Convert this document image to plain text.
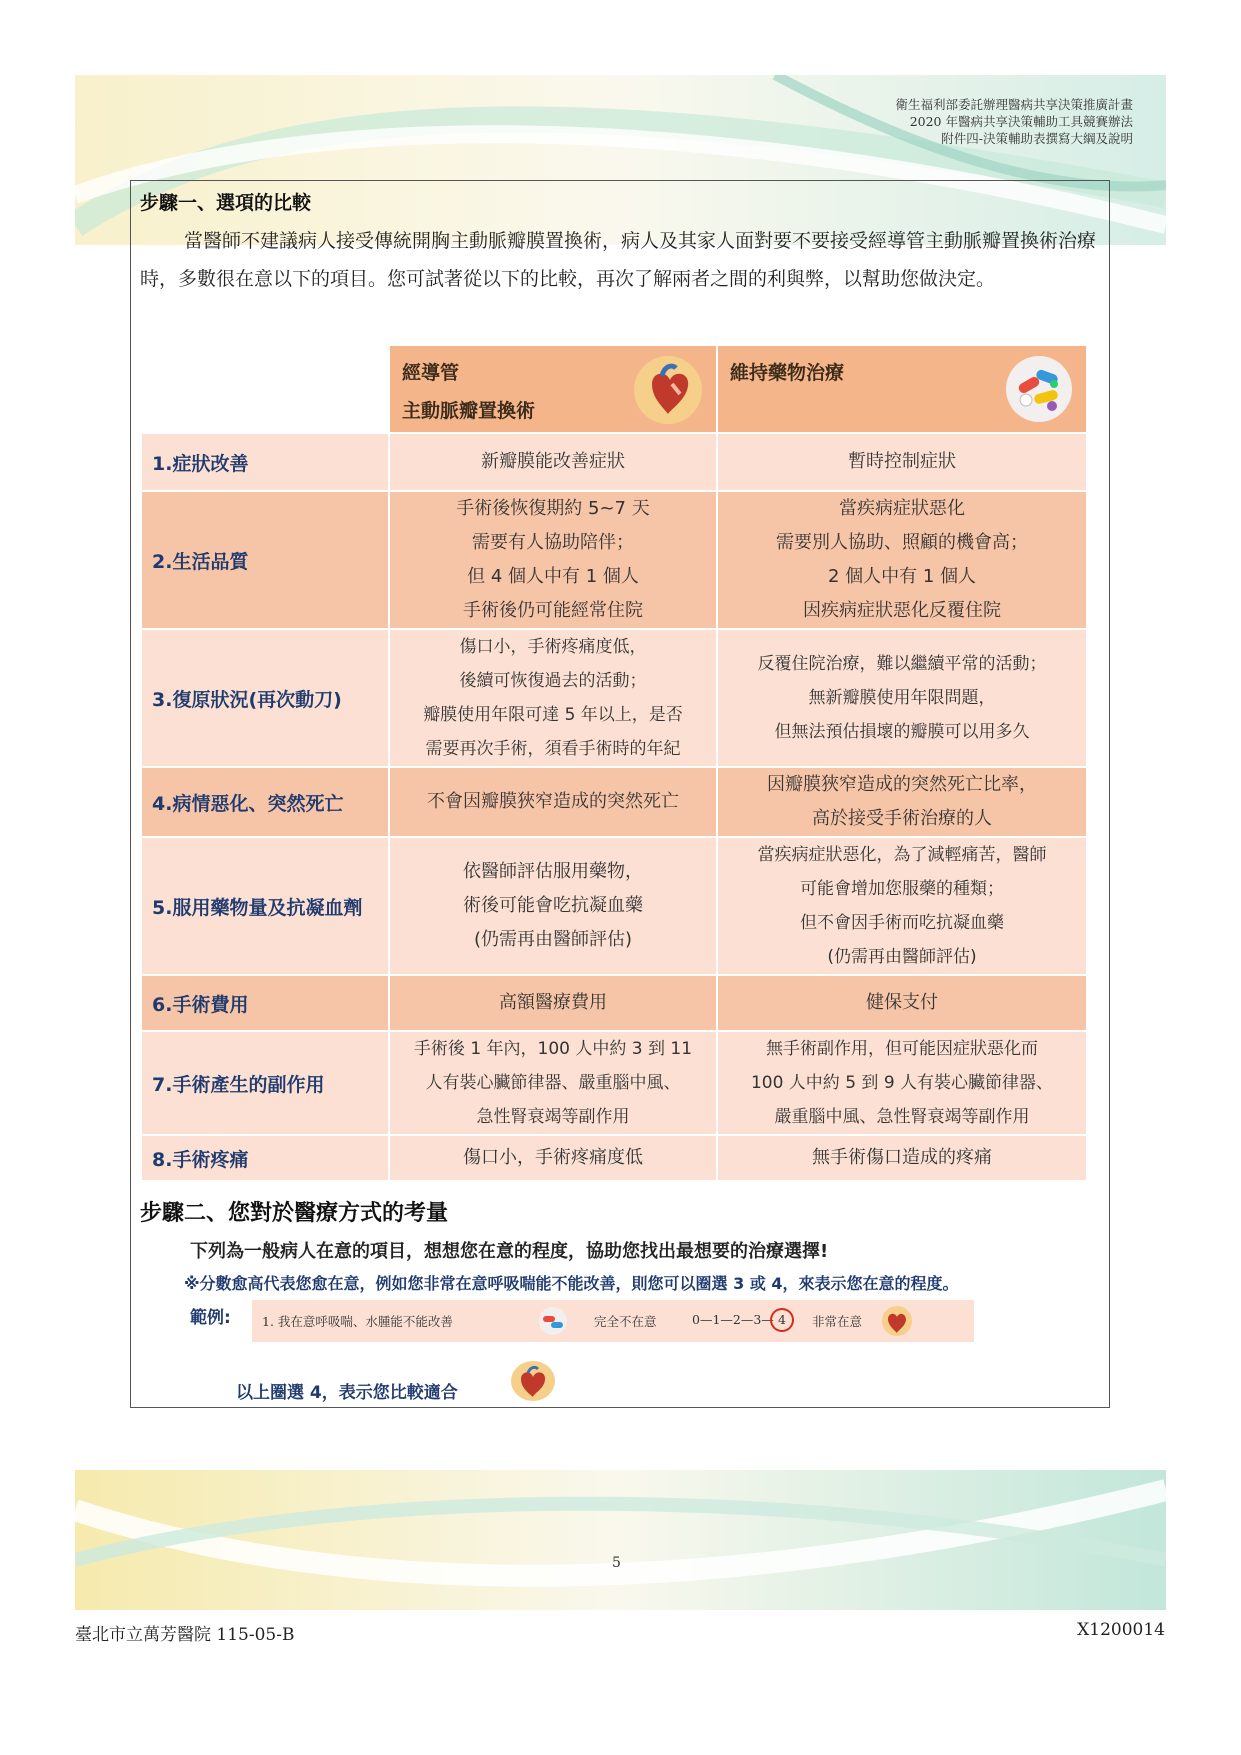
衛生福利部委託辦理醫病共享決策推廣計畫
2020 年醫病共享決策輔助工具競賽辦法
附件四-決策輔助表撰寫大綱及說明
步驟一、選項的比較
當醫師不建議病人接受傳統開胸主動脈瓣膜置換術，病人及其家人面對要不要接受經導管主動脈瓣置換術治療時，多數很在意以下的項目。您可試著從以下的比較，再次了解兩者之間的利與弊，以幫助您做決定。

	經導管
主動脈瓣置換術	維持藥物治療

1.症狀改善	新瓣膜能改善症狀	暫時控制症狀
2.生活品質	手術後恢復期約 5~7 天
需要有人協助陪伴；
但 4 個人中有 1 個人
手術後仍可能經常住院	當疾病症狀惡化
需要別人協助、照顧的機會高；
2 個人中有 1 個人
因疾病症狀惡化反覆住院
3.復原狀況(再次動刀)	傷口小，手術疼痛度低，
後續可恢復過去的活動；
瓣膜使用年限可達 5 年以上，是否
需要再次手術，須看手術時的年紀	反覆住院治療，難以繼續平常的活動；
無新瓣膜使用年限問題，
但無法預估損壞的瓣膜可以用多久
4.病情惡化、突然死亡	不會因瓣膜狹窄造成的突然死亡	因瓣膜狹窄造成的突然死亡比率，
高於接受手術治療的人
5.服用藥物量及抗凝血劑	依醫師評估服用藥物，
術後可能會吃抗凝血藥
(仍需再由醫師評估)	當疾病症狀惡化，為了減輕痛苦，醫師
可能會增加您服藥的種類；
但不會因手術而吃抗凝血藥
(仍需再由醫師評估)
6.手術費用	高額醫療費用	健保支付
7.手術產生的副作用	手術後 1 年內，100 人中約 3 到 11
人有裝心臟節律器、嚴重腦中風、
急性腎衰竭等副作用	無手術副作用，但可能因症狀惡化而
100 人中約 5 到 9 人有裝心臟節律器、
嚴重腦中風、急性腎衰竭等副作用
8.手術疼痛	傷口小，手術疼痛度低	無手術傷口造成的疼痛
步驟二、您對於醫療方式的考量
下列為一般病人在意的項目，想想您在意的程度，協助您找出最想要的治療選擇!
※分數愈高代表您愈在意，例如您非常在意呼吸喘能不能改善，則您可以圈選 3 或 4，來表示您在意的程度。
範例: 1. 我在意呼吸喘、水腫能不能改善	完全不在意	0—1—2—3— 4	非常在意
以上圈選 4，表示您比較適合
5
臺北市立萬芳醫院 115-05-B	X1200014
